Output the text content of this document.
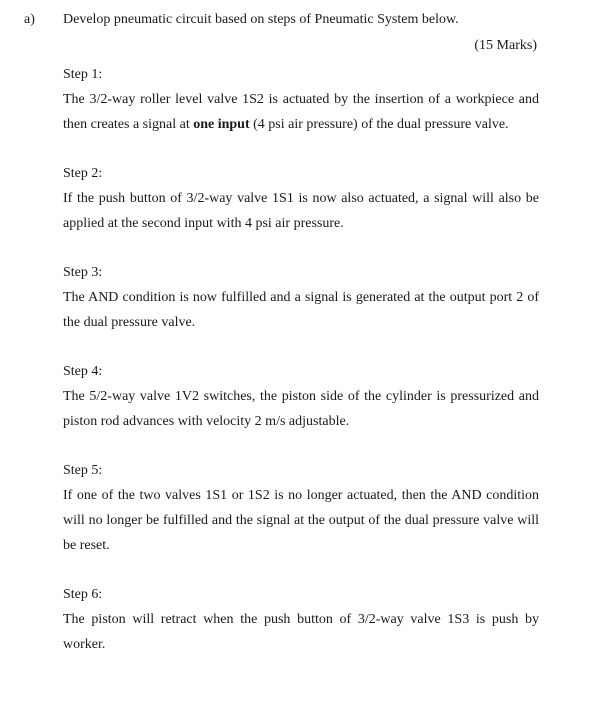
a) Develop pneumatic circuit based on steps of Pneumatic System below.
(15 Marks)
Step 1:
The 3/2-way roller level valve 1S2 is actuated by the insertion of a workpiece and then creates a signal at one input (4 psi air pressure) of the dual pressure valve.
Step 2:
If the push button of 3/2-way valve 1S1 is now also actuated, a signal will also be applied at the second input with 4 psi air pressure.
Step 3:
The AND condition is now fulfilled and a signal is generated at the output port 2 of the dual pressure valve.
Step 4:
The 5/2-way valve 1V2 switches, the piston side of the cylinder is pressurized and piston rod advances with velocity 2 m/s adjustable.
Step 5:
If one of the two valves 1S1 or 1S2 is no longer actuated, then the AND condition will no longer be fulfilled and the signal at the output of the dual pressure valve will be reset.
Step 6:
The piston will retract when the push button of 3/2-way valve 1S3 is push by worker.
